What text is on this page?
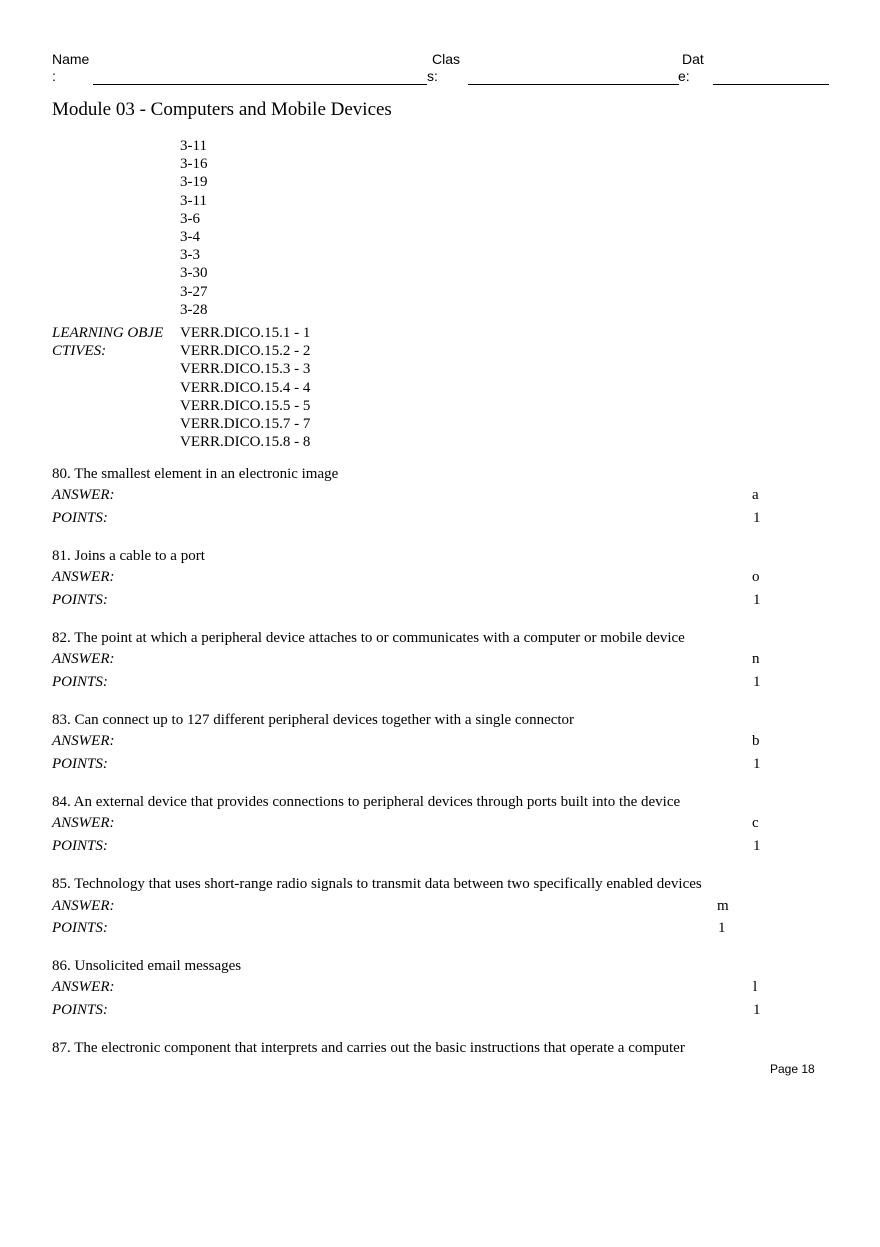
Name
:
Clas
s:
Dat
e:
Module 03 - Computers and Mobile Devices
3-11
3-16
3-19
3-11
3-6
3-4
3-3
3-30
3-27
3-28
LEARNING OBJE
CTIVES:
VERR.DICO.15.1 - 1
VERR.DICO.15.2 - 2
VERR.DICO.15.3 - 3
VERR.DICO.15.4 - 4
VERR.DICO.15.5 - 5
VERR.DICO.15.7 - 7
VERR.DICO.15.8 - 8
80. The smallest element in an electronic image
ANSWER:	a
POINTS:	1
81. Joins a cable to a port
ANSWER:	o
POINTS:	1
82. The point at which a peripheral device attaches to or communicates with a computer or mobile device
ANSWER:	n
POINTS:	1
83. Can connect up to 127 different peripheral devices together with a single connector
ANSWER:	b
POINTS:	1
84. An external device that provides connections to peripheral devices through ports built into the device
ANSWER:	c
POINTS:	1
85. Technology that uses short-range radio signals to transmit data between two specifically enabled devices
ANSWER:	m
POINTS:	1
86. Unsolicited email messages
ANSWER:	l
POINTS:	1
87. The electronic component that interprets and carries out the basic instructions that operate a computer
Page 18
